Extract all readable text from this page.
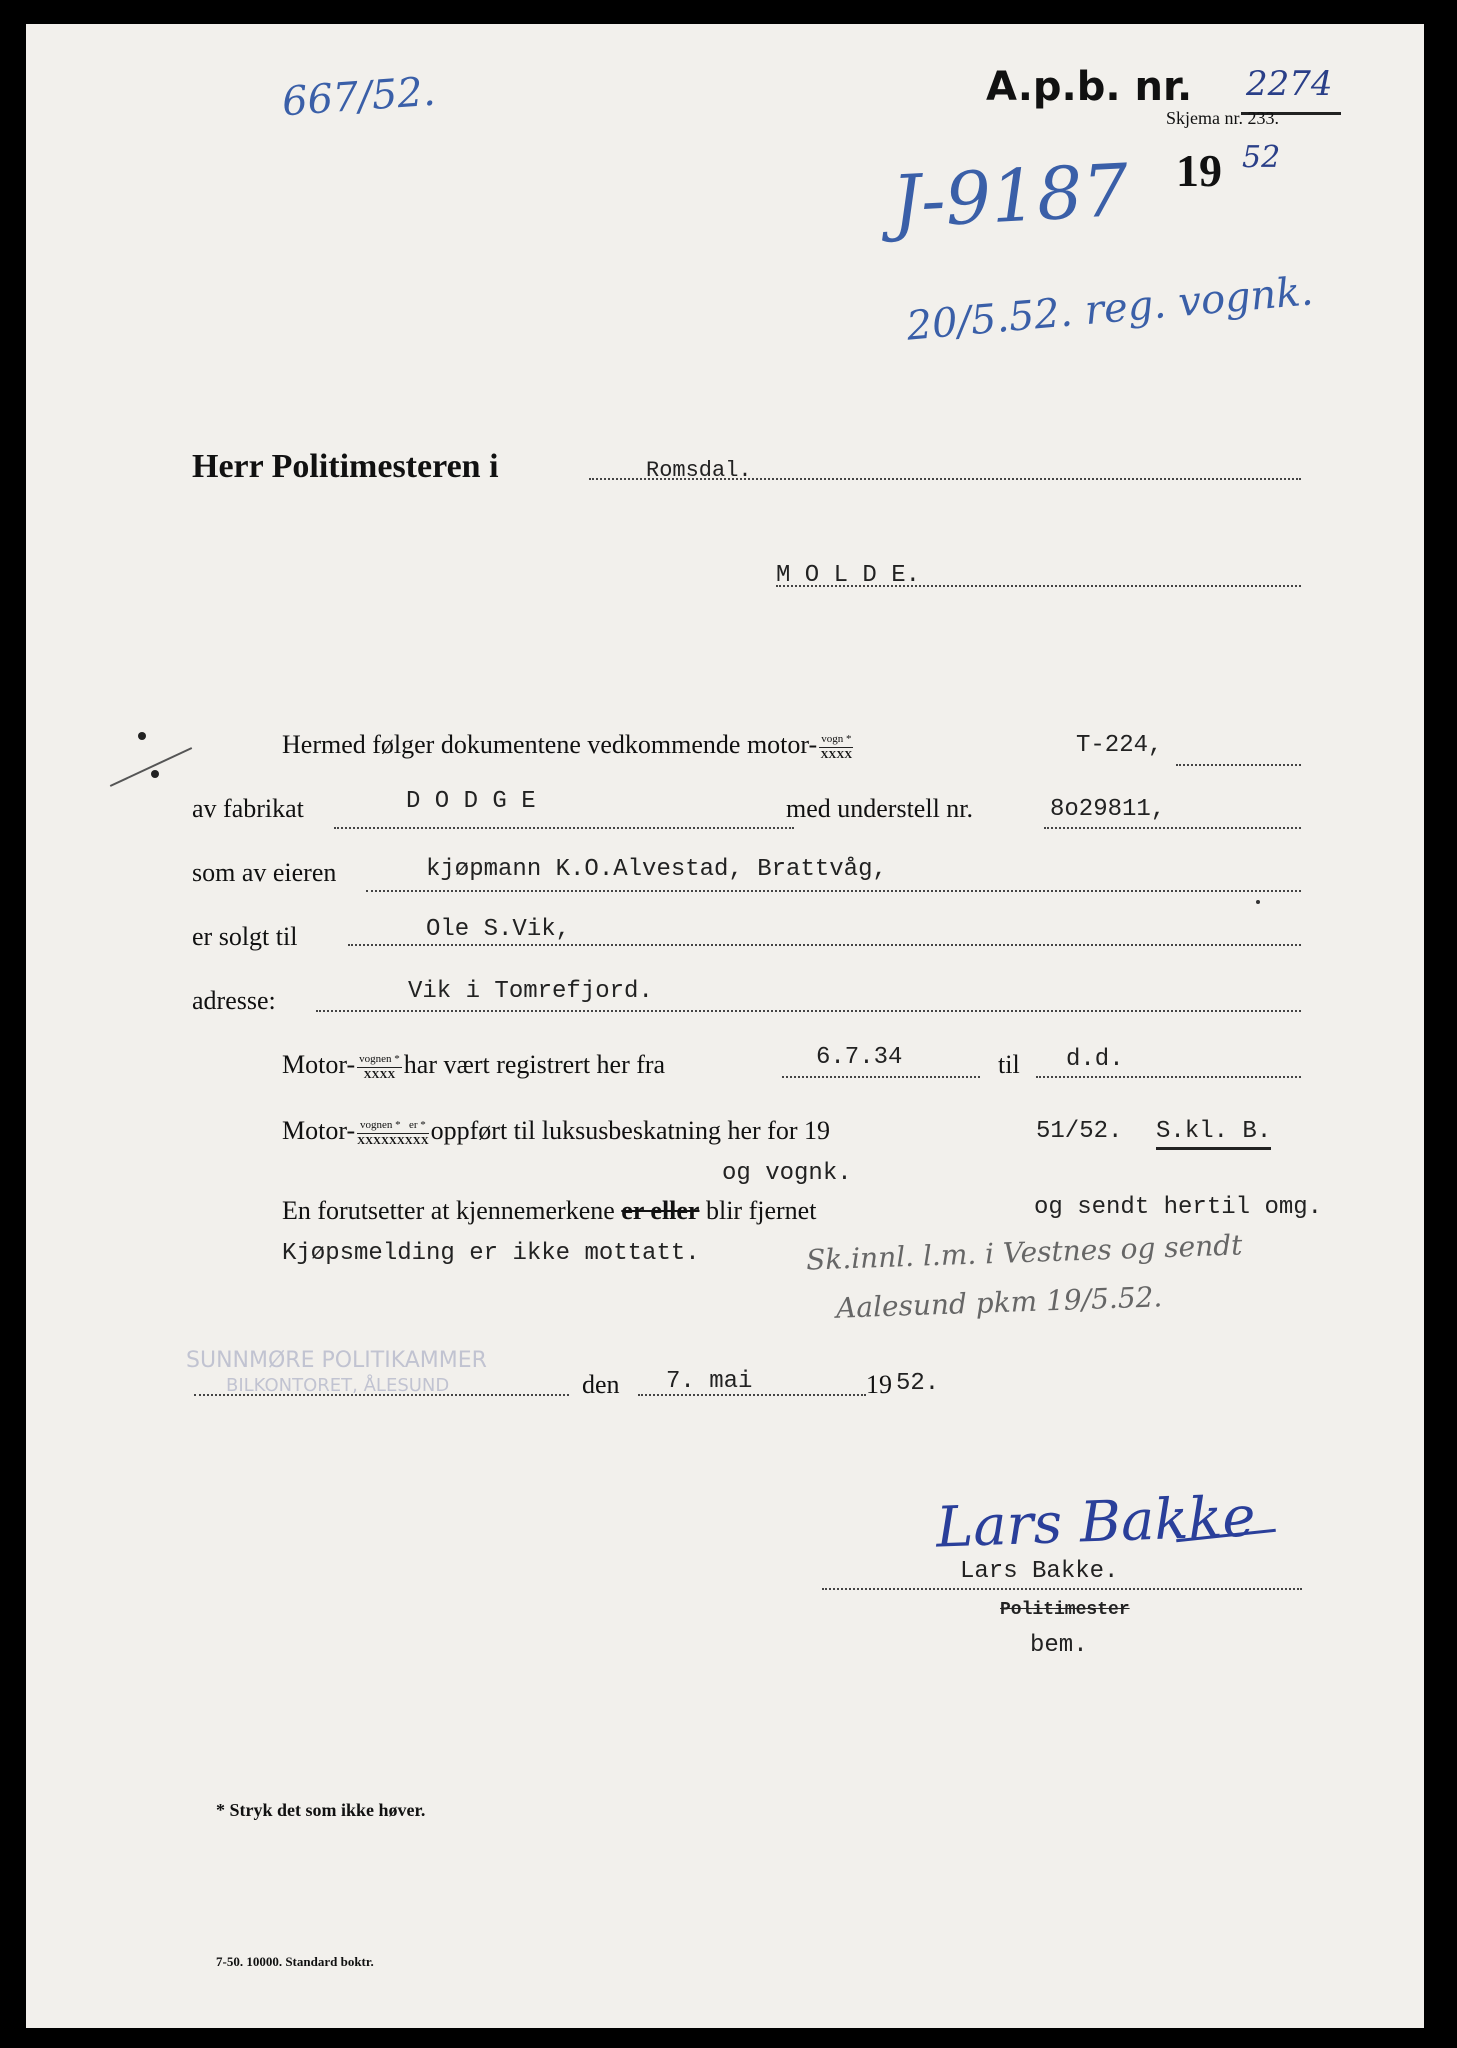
667/52.	A.p.b. nr. 2274
Skjema nr. 233.
19 52
J-9187
20/5.52. reg. vognk.
Herr Politimesteren i	Romsdal.
M O L D E.
Hermed følger dokumentene vedkommende motor- $\frac{\text{vogn *}}{\text{XXXX}}$	T-224,
av fabrikat	D O D G E	med understell nr.	8o29811,
som av eieren	kjøpmann K.O.Alvestad, Brattvåg,
er solgt til	Ole S.Vik,
adresse:	Vik i Tomrefjord.
Motor- $\frac{\text{vognen *}}{\text{XXXX}}$ har vært registrert her fra	6.7.34	til d.d.
Motor- $\frac{\text{vognen * er *}}{\text{XXXXXXXXX}}$ oppført til luksusbeskatning her for 19	51/52. S.kl. B.
og vognk.
En forutsetter at kjennemerkene er eller blir fjernet	og sendt hertil omg.
Kjøpsmelding er ikke mottatt.	Sk.innl. l.m. i Vestnes og sendt
Aalesund pkm 19/5.52.
SUNNMØRE POLITIKAMMER
BILKONTORET, ÅLESUND	den 7. mai	19 52.
Lars Bakke
Lars Bakke.
Politimester
bem.
* Stryk det som ikke høver.
7-50. 10000. Standard boktr.
